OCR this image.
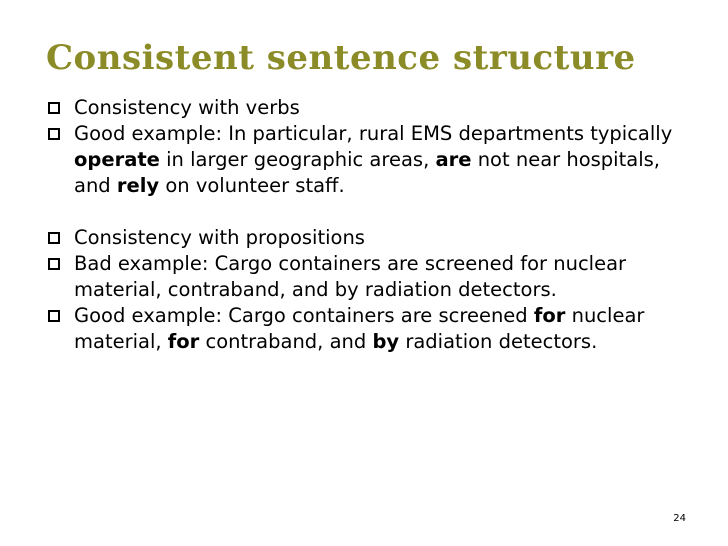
Consistent sentence structure
Consistency with verbs
Good example: In particular, rural EMS departments typically operate in larger geographic areas, are not near hospitals, and rely on volunteer staff.
Consistency with propositions
Bad example: Cargo containers are screened for nuclear material, contraband, and by radiation detectors.
Good example: Cargo containers are screened for nuclear material, for contraband, and by radiation detectors.
24
